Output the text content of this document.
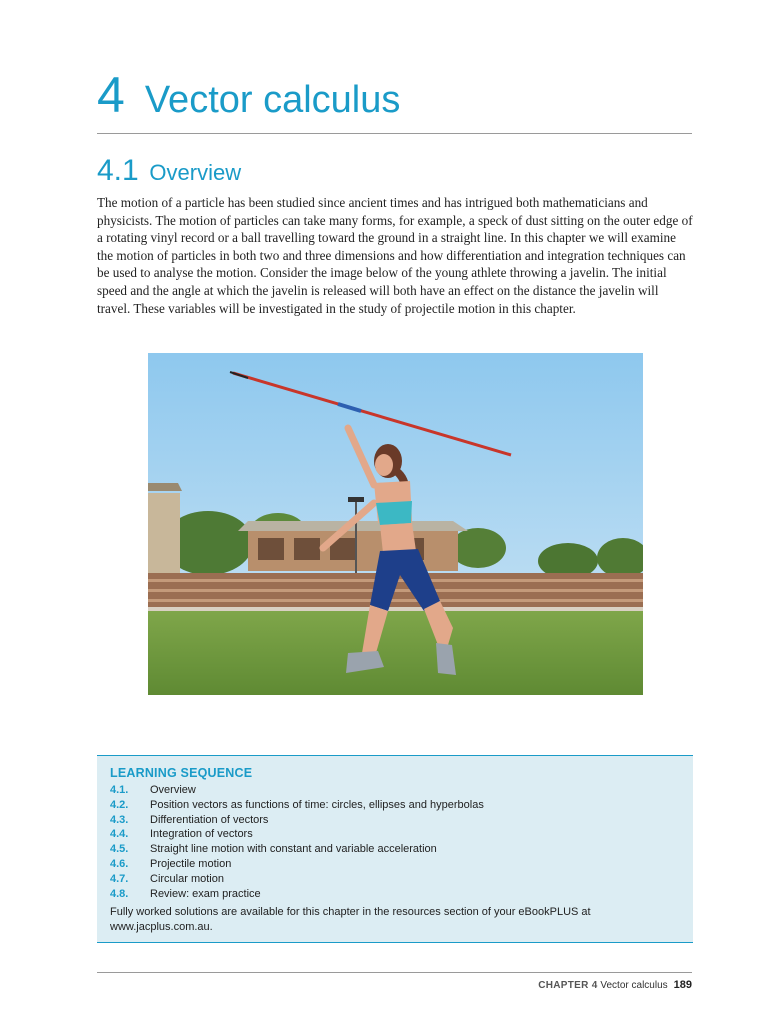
4 Vector calculus
4.1 Overview

The motion of a particle has been studied since ancient times and has intrigued both mathematicians and physicists. The motion of particles can take many forms, for example, a speck of dust sitting on the outer edge of a rotating vinyl record or a ball travelling toward the ground in a straight line. In this chapter we will examine the motion of particles in both two and three dimensions and how differentiation and integration techniques can be used to analyse the motion. Consider the image below of the young athlete throwing a javelin. The initial speed and the angle at which the javelin is released will both have an effect on the distance the javelin will travel. These variables will be investigated in the study of projectile motion in this chapter.

LEARNING SEQUENCE
4.1. Overview
4.2. Position vectors as functions of time: circles, ellipses and hyperbolas
4.3. Differentiation of vectors
4.4. Integration of vectors
4.5. Straight line motion with constant and variable acceleration
4.6. Projectile motion
4.7. Circular motion
4.8. Review: exam practice

Fully worked solutions are available for this chapter in the resources section of your eBookPLUS at www.jacplus.com.au.

CHAPTER 4 Vector calculus 189
